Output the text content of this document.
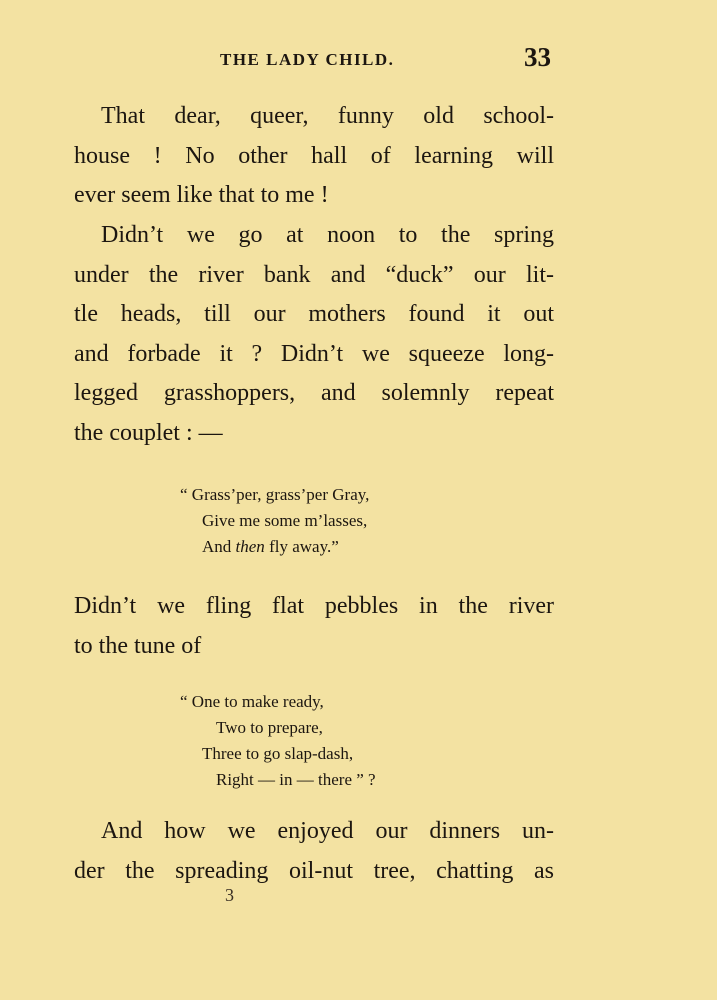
THE LADY CHILD.	33
That dear, queer, funny old school-
house ! No other hall of learning will
ever seem like that to me !
Didn’t we go at noon to the spring
under the river bank and “duck” our lit-
tle heads, till our mothers found it out
and forbade it ? Didn’t we squeeze long-
legged grasshoppers, and solemnly repeat
the couplet : —
“ Grass’per, grass’per Gray,
Give me some m’lasses,
And then fly away.”
Didn’t we fling flat pebbles in the river
to the tune of
“ One to make ready,
Two to prepare,
Three to go slap-dash,
Right — in — there ” ?
And how we enjoyed our dinners un-
der the spreading oil-nut tree, chatting as
3
